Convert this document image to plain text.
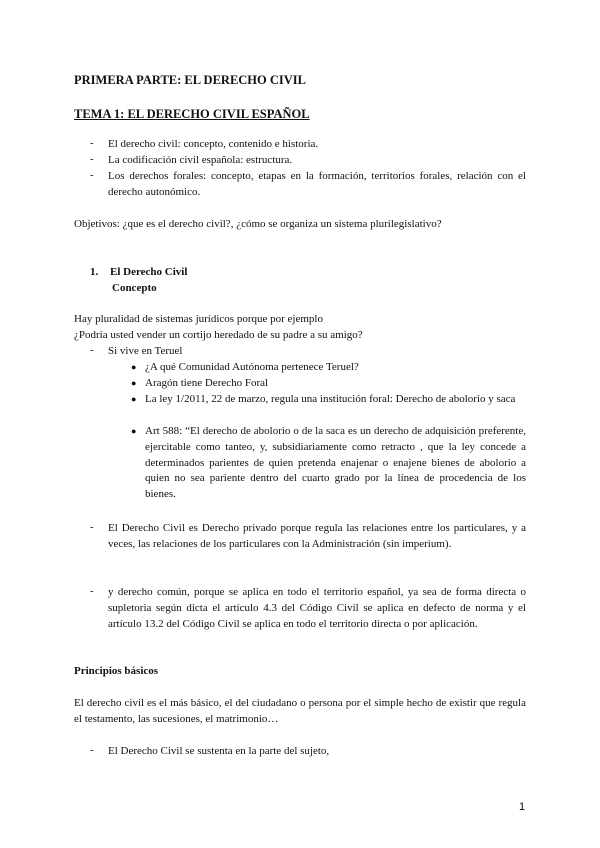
PRIMERA PARTE: EL DERECHO CIVIL
TEMA 1: EL DERECHO CIVIL ESPAÑOL
- El derecho civil: concepto, contenido e historia.
- La codificación civil española: estructura.
- Los derechos forales: concepto, etapas en la formación, territorios forales, relación con el derecho autonómico.
Objetivos: ¿que es el derecho civil?, ¿cómo se organiza un sistema plurilegislativo?
1. El Derecho Civil
Concepto
Hay pluralidad de sistemas jurídicos porque por ejemplo
¿Podría usted vender un cortijo heredado de su padre a su amigo?
- Si vive en Teruel
● ¿A qué Comunidad Autónoma pertenece Teruel?
● Aragón tiene Derecho Foral
● La ley 1/2011, 22 de marzo, regula una institución foral: Derecho de abolorio y saca
● Art 588: “El derecho de abolorio o de la saca es un derecho de adquisición preferente, ejercitable como tanteo, y, subsidiariamente como retracto , que la ley concede a determinados parientes de quien pretenda enajenar o enajene bienes de abolorio a quien no sea pariente dentro del cuarto grado por la línea de procedencia de los bienes.
- El Derecho Civil es Derecho privado porque regula las relaciones entre los particulares, y a veces, las relaciones de los particulares con la Administración (sin imperium).
- y derecho común, porque se aplica en todo el territorio español, ya sea de forma directa o supletoria según dicta el artículo 4.3 del Código Civil se aplica en defecto de norma y el artículo 13.2 del Código Civil se aplica en todo el territorio directa o por aplicación.
Principios básicos
El derecho civil es el más básico, el del ciudadano o persona por el simple hecho de existir que regula el testamento, las sucesiones, el matrimonio…
- El Derecho Civil se sustenta en la parte del sujeto,
1
